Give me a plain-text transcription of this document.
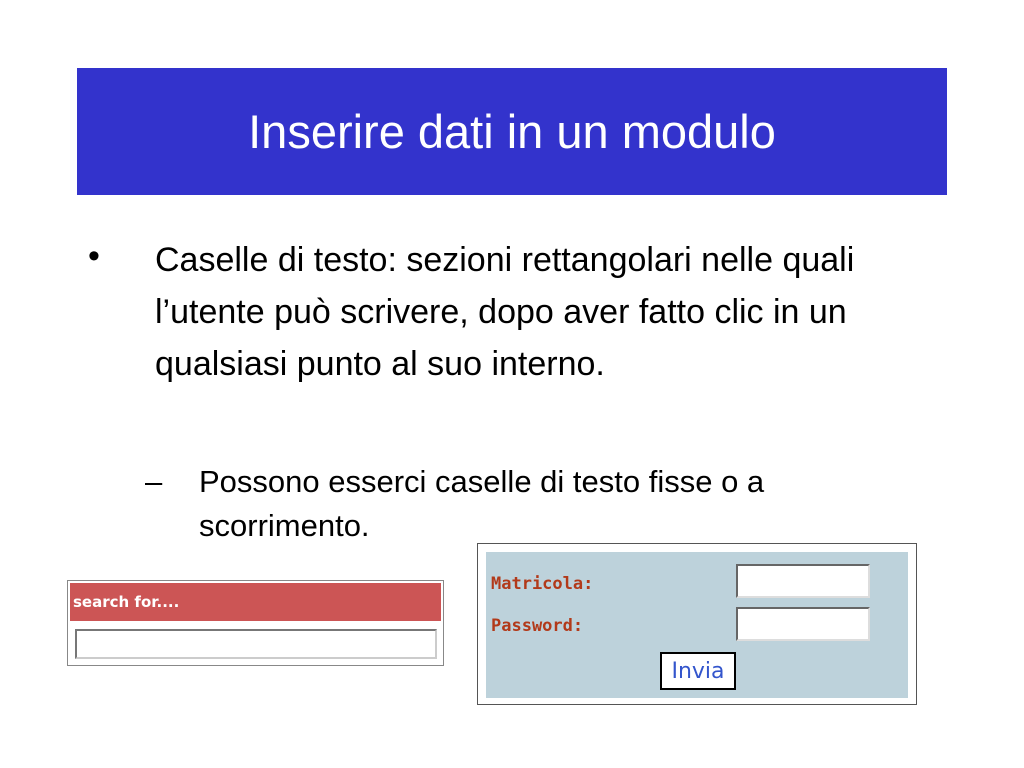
Inserire dati in un modulo
• Caselle di testo: sezioni rettangolari nelle quali l’utente può scrivere, dopo aver fatto clic in un qualsiasi punto al suo interno.
– Possono esserci caselle di testo fisse o a scorrimento.
search for....
Matricola:
Password:
Invia
